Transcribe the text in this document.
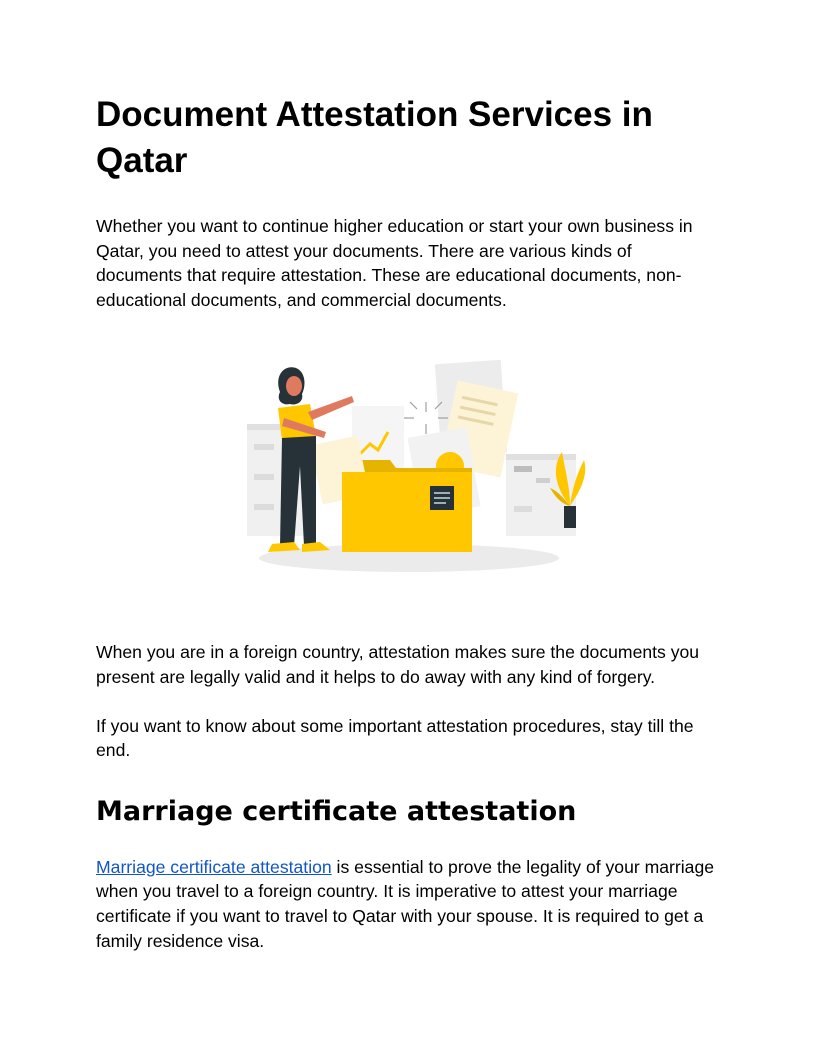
Document Attestation Services in Qatar

Whether you want to continue higher education or start your own business in Qatar, you need to attest your documents. There are various kinds of documents that require attestation. These are educational documents, non-educational documents, and commercial documents.

When you are in a foreign country, attestation makes sure the documents you present are legally valid and it helps to do away with any kind of forgery.

If you want to know about some important attestation procedures, stay till the end.

Marriage certificate attestation

Marriage certificate attestation is essential to prove the legality of your marriage when you travel to a foreign country. It is imperative to attest your marriage certificate if you want to travel to Qatar with your spouse. It is required to get a family residence visa.
